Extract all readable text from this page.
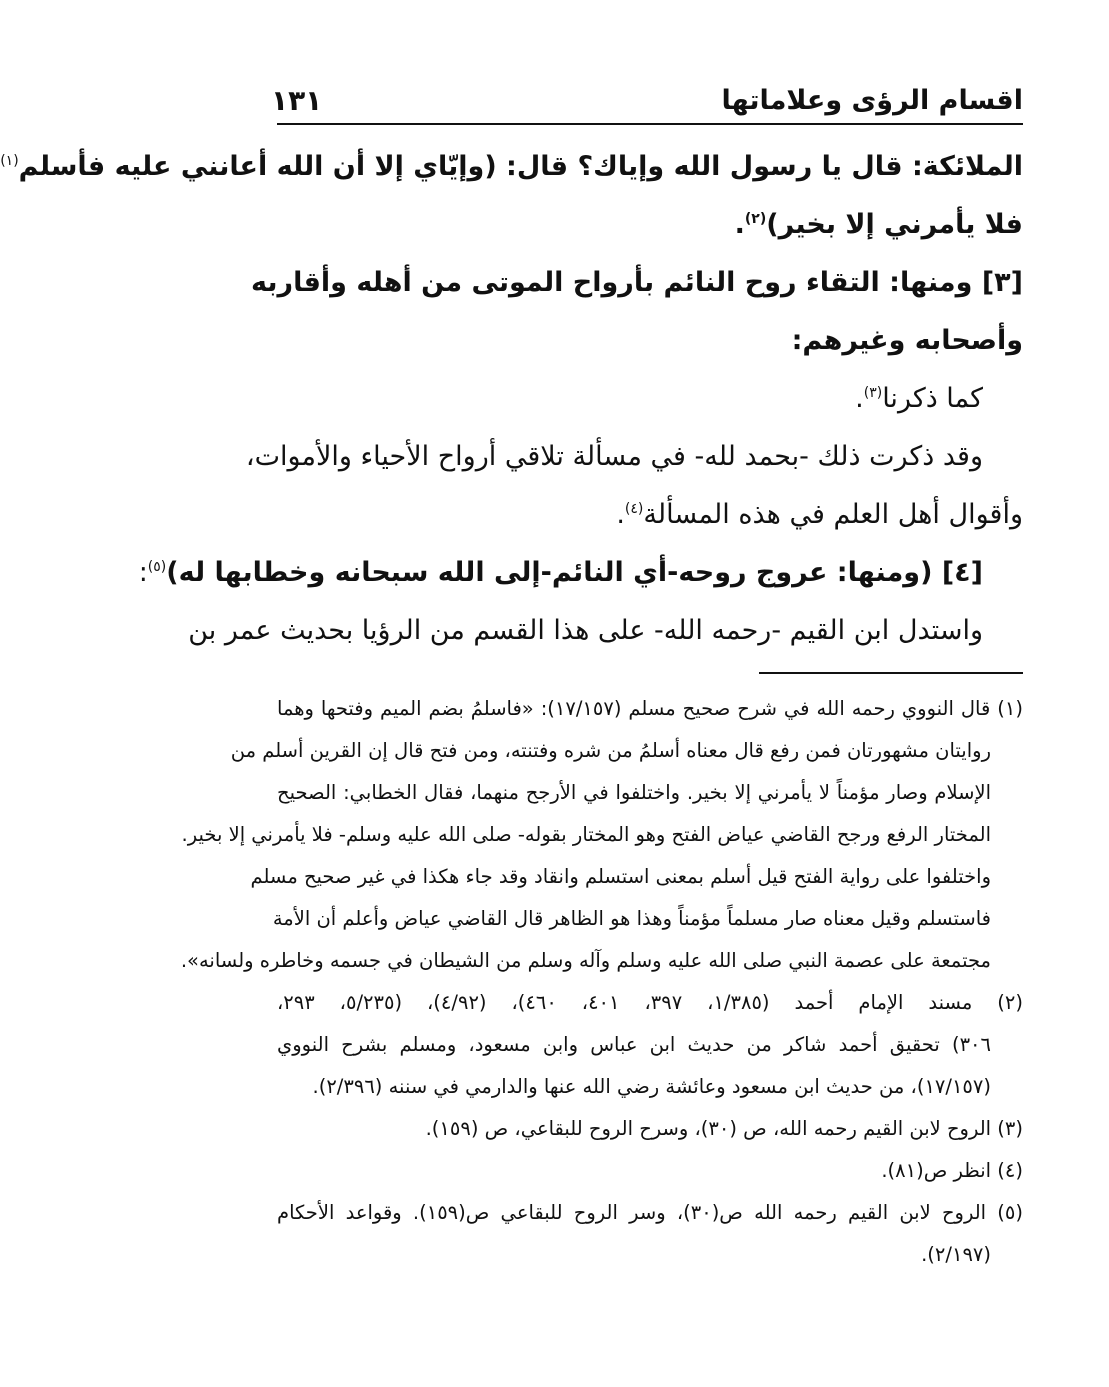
اقسام الرؤى وعلاماتها
١٣١
الملائكة: قال يا رسول الله وإياك؟ قال: (وإيّاي إلا أن الله أعانني عليه فأسلم$^{(١)}$
فلا يأمرني إلا بخير)$^{(٢)}$.
[٣] ومنها: التقاء روح النائم بأرواح الموتى من أهله وأقاربه
وأصحابه وغيرهم:
كما ذكرنا$^{(٣)}$.
وقد ذكرت ذلك -بحمد لله- في مسألة تلاقي أرواح الأحياء والأموات،
وأقوال أهل العلم في هذه المسألة$^{(٤)}$.
[٤] (ومنها: عروج روحه-أي النائم-إلى الله سبحانه وخطابها له)$^{(٥)}$:
واستدل ابن القيم -رحمه الله- على هذا القسم من الرؤيا بحديث عمر بن
(١) قال النووي رحمه الله في شرح صحيح مسلم (١٧/١٥٧): «فاسلمُ بضم الميم وفتحها وهما
روايتان مشهورتان فمن رفع قال معناه أسلمُ من شره وفتنته، ومن فتح قال إن القرين أسلم من
الإسلام وصار مؤمناً لا يأمرني إلا بخير. واختلفوا في الأرجح منهما، فقال الخطابي: الصحيح
المختار الرفع ورجح القاضي عياض الفتح وهو المختار بقوله- صلى الله عليه وسلم- فلا يأمرني إلا بخير.
واختلفوا على رواية الفتح قيل أسلم بمعنى استسلم وانقاد وقد جاء هكذا في غير صحيح مسلم
فاستسلم وقيل معناه صار مسلماً مؤمناً وهذا هو الظاهر قال القاضي عياض وأعلم أن الأمة
مجتمعة على عصمة النبي صلى الله عليه وسلم وآله وسلم من الشيطان في جسمه وخاطره ولسانه».
(٢) مسند الإمام أحمد (١/٣٨٥، ٣٩٧، ٤٠١، ٤٦٠)، (٤/٩٢)، (٥/٢٣٥، ٢٩٣،
٣٠٦) تحقيق أحمد شاكر من حديث ابن عباس وابن مسعود، ومسلم بشرح النووي
(١٧/١٥٧)، من حديث ابن مسعود وعائشة رضي الله عنها والدارمي في سننه (٢/٣٩٦).
(٣) الروح لابن القيم رحمه الله، ص (٣٠)، وسرح الروح للبقاعي، ص (١٥٩).
(٤) انظر ص(٨١).
(٥) الروح لابن القيم رحمه الله ص(٣٠)، وسر الروح للبقاعي ص(١٥٩). وقواعد الأحكام
(٢/١٩٧).
